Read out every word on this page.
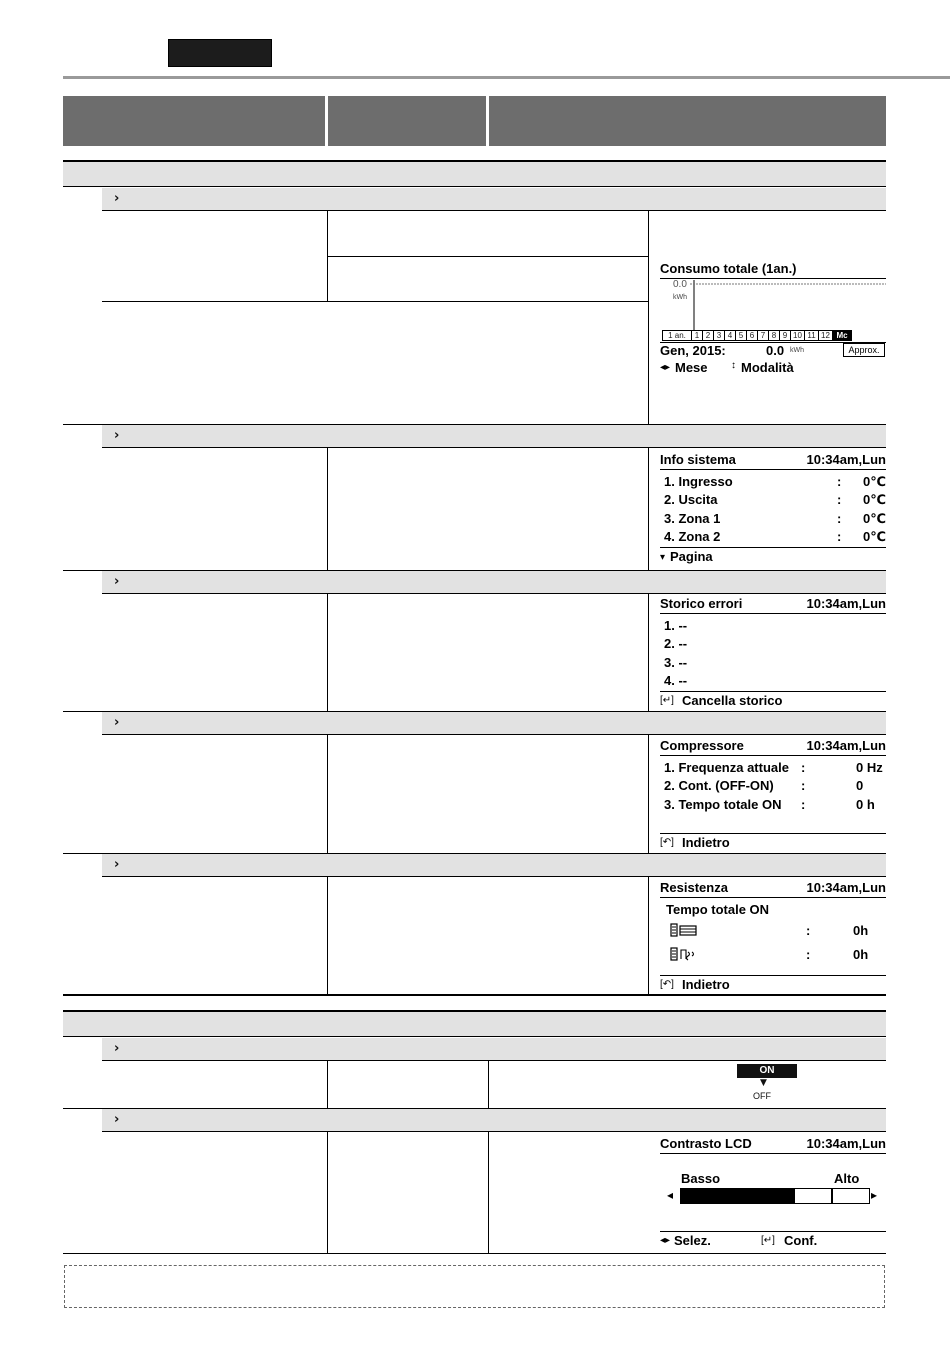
›
Consumo totale (1an.)
0.0
kWh
1 an.	1 2 3 4 5 6 7 8 9 10 11 12 Mc
Gen, 2015:	0.0 kWh	Approx.
◂▸ Mese ↕ Modalità
›
Info sistema	10:34am,Lun
1. Ingresso	: 0℃
2. Uscita	: 0℃
3. Zona 1	: 0℃
4. Zona 2	: 0℃
▾ Pagina
›
Storico errori	10:34am,Lun
1. --
2. --
3. --
4. --
[↵] Cancella storico
›
Compressore	10:34am,Lun
1. Frequenza attuale :	0 Hz
2. Cont. (OFF-ON) :	0
3. Tempo totale ON :	0 h
[↶] Indietro
›
Resistenza	10:34am,Lun
Tempo totale ON
:	0h
:	0h
[↶] Indietro
›
ON
▼
OFF
›
Contrasto LCD	10:34am,Lun
Basso	Alto
◂	▸
◂▸ Selez.	[↵] Conf.
